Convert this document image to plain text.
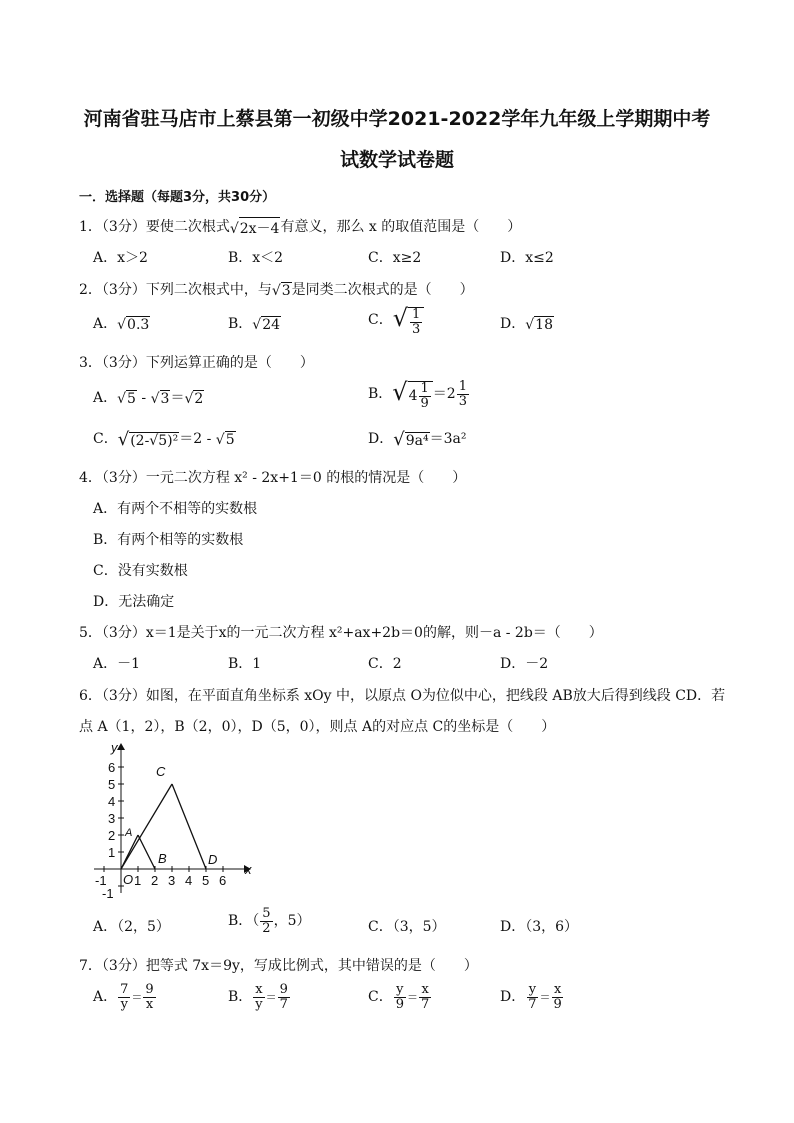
河南省驻马店市上蔡县第一初级中学2021-2022学年九年级上学期期中考
试数学试卷题
一．选择题（每题3分，共30分）
1．（3分）要使二次根式√2x－4有意义，那么 x 的取值范围是（　　）
A．x＞2	B．x＜2	C．x≥2	D．x≤2
2．（3分）下列二次根式中，与√3是同类二次根式的是（　　）
A．√0.3	B．√24	C．√ $\frac{1}{3}$	D．√18
3．（3分）下列运算正确的是（　　）
A．√5 - √3＝√2	B．$√4 \frac{1}{9} =2 \frac{1}{3}$
C．√(2-√5)²＝2 - √5	D．√9a⁴＝3a²
4．（3分）一元二次方程 x² - 2x+1＝0 的根的情况是（　　）
A．有两个不相等的实数根
B．有两个相等的实数根
C．没有实数根
D．无法确定
5．（3分）x＝1是关于x的一元二次方程 x²+ax+2b＝0的解，则－a - 2b＝（　　）
A．－1	B．1	C．2	D．－2
6．（3分）如图，在平面直角坐标系 xOy 中，以原点 O为位似中心，把线段 AB放大后得到线段 CD．若
点 A（1，2），B（2，0），D（5，0），则点 A的对应点 C的坐标是（　　）
-1 1 2 3 4 5 6
-1
1
2
3
4
5
6
O
x
y
A
B
C
D
A．（2，5）	B．（ $\frac{5}{2}$ ，5）	C．（3，5）	D．（3，6）
7．（3分）把等式 7x＝9y，写成比例式，其中错误的是（　　）
A． $\frac{7}{y} = \frac{9}{x}$	B． $\frac{x}{y} = \frac{9}{7}$	C． $\frac{y}{9} = \frac{x}{7}$	D． $\frac{y}{7} = \frac{x}{9}$
